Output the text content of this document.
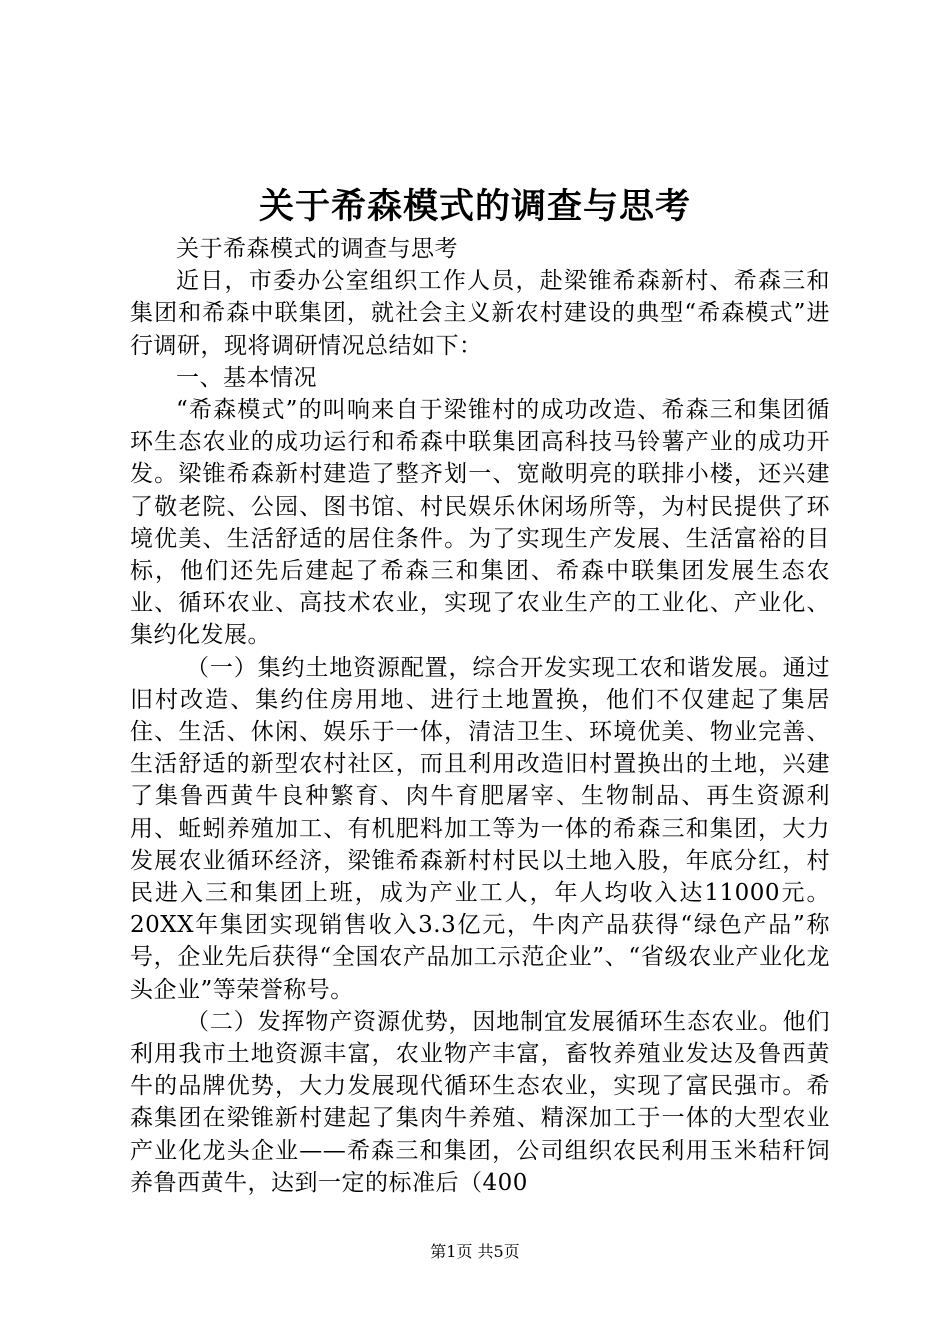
关于希森模式的调查与思考

关于希森模式的调查与思考

近日，市委办公室组织工作人员，赴梁锥希森新村、希森三和集团和希森中联集团，就社会主义新农村建设的典型“希森模式”进行调研，现将调研情况总结如下：

一、基本情况

“希森模式”的叫响来自于梁锥村的成功改造、希森三和集团循环生态农业的成功运行和希森中联集团高科技马铃薯产业的成功开发。梁锥希森新村建造了整齐划一、宽敞明亮的联排小楼，还兴建了敬老院、公园、图书馆、村民娱乐休闲场所等，为村民提供了环境优美、生活舒适的居住条件。为了实现生产发展、生活富裕的目标，他们还先后建起了希森三和集团、希森中联集团发展生态农业、循环农业、高技术农业，实现了农业生产的工业化、产业化、集约化发展。

（一）集约土地资源配置，综合开发实现工农和谐发展。通过旧村改造、集约住房用地、进行土地置换，他们不仅建起了集居住、生活、休闲、娱乐于一体，清洁卫生、环境优美、物业完善、生活舒适的新型农村社区，而且利用改造旧村置换出的土地，兴建了集鲁西黄牛良种繁育、肉牛育肥屠宰、生物制品、再生资源利用、蚯蚓养殖加工、有机肥料加工等为一体的希森三和集团，大力发展农业循环经济，梁锥希森新村村民以土地入股，年底分红，村民进入三和集团上班，成为产业工人，年人均收入达11000元。20XX年集团实现销售收入3.3亿元，牛肉产品获得“绿色产品”称号，企业先后获得“全国农产品加工示范企业”、“省级农业产业化龙头企业”等荣誉称号。

（二）发挥物产资源优势，因地制宜发展循环生态农业。他们利用我市土地资源丰富，农业物产丰富，畜牧养殖业发达及鲁西黄牛的品牌优势，大力发展现代循环生态农业，实现了富民强市。希森集团在梁锥新村建起了集肉牛养殖、精深加工于一体的大型农业产业化龙头企业——希森三和集团，公司组织农民利用玉米秸秆饲养鲁西黄牛，达到一定的标准后（400

第1页 共5页
